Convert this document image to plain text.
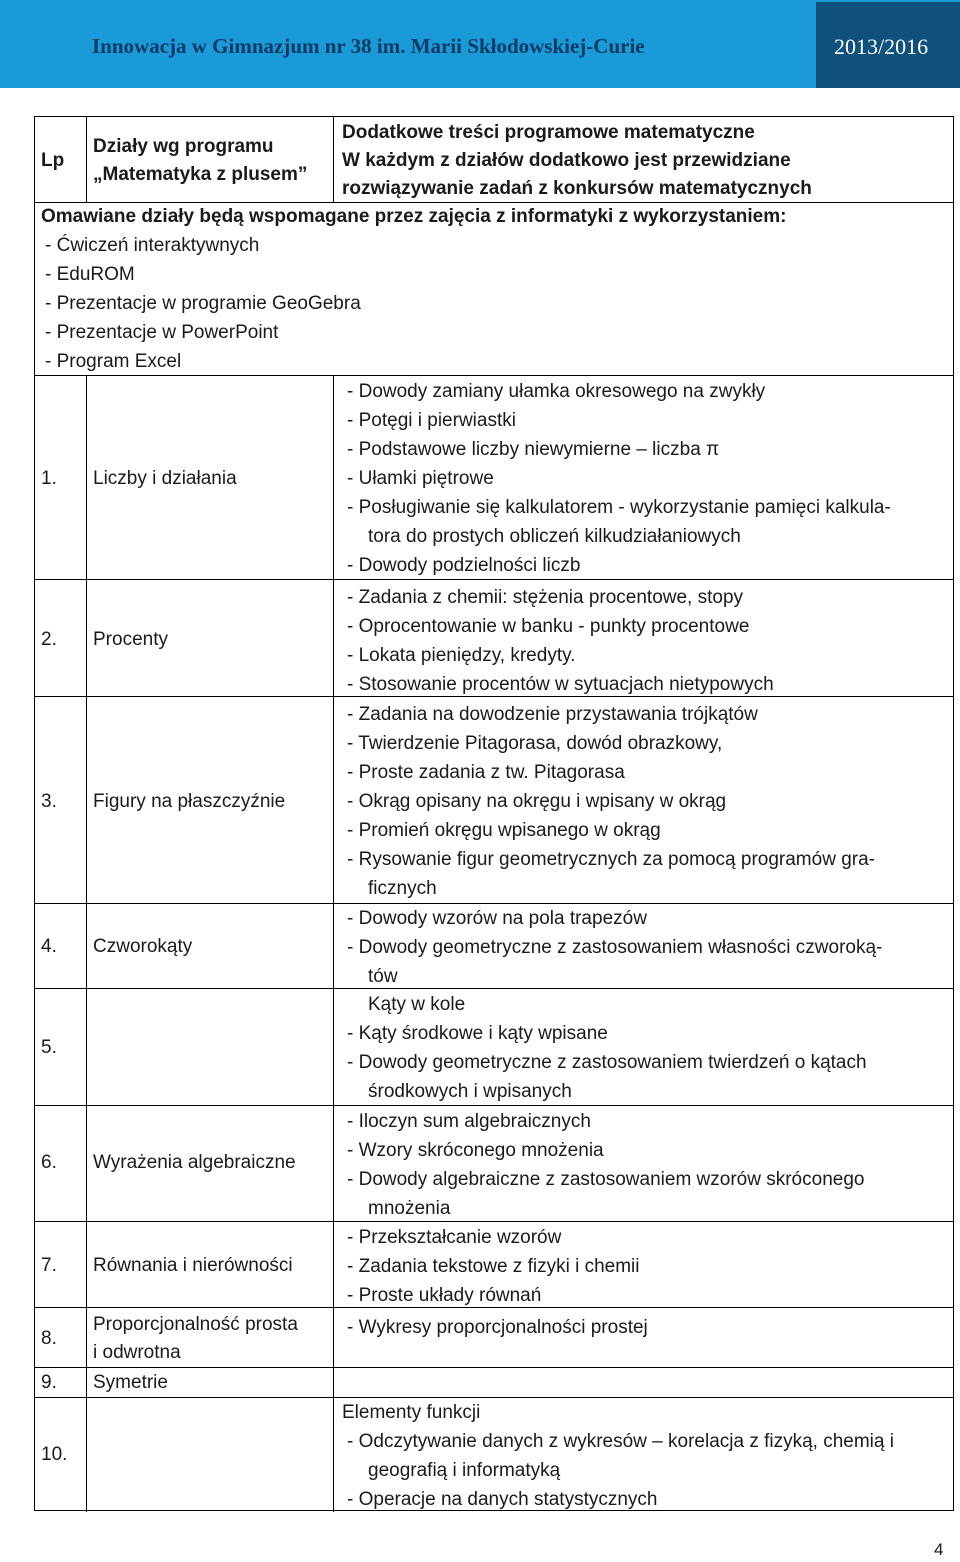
Innowacja w Gimnazjum nr 38 im. Marii Skłodowskiej-Curie	2013/2016
Lp
Działy wg programu
„Matematyka z plusem”
Dodatkowe treści programowe matematyczne
W każdym z działów dodatkowo jest przewidziane
rozwiązywanie zadań z konkursów matematycznych
Omawiane działy będą wspomagane przez zajęcia z informatyki z wykorzystaniem:
- Ćwiczeń interaktywnych
- EduROM
- Prezentacje w programie GeoGebra
- Prezentacje w PowerPoint
- Program Excel
1. Liczby i działania
- Dowody zamiany ułamka okresowego na zwykły
- Potęgi i pierwiastki
- Podstawowe liczby niewymierne – liczba π
- Ułamki piętrowe
- Posługiwanie się kalkulatorem - wykorzystanie pamięci kalkula-
tora do prostych obliczeń kilkudziałaniowych
- Dowody podzielności liczb
2. Procenty
- Zadania z chemii: stężenia procentowe, stopy
- Oprocentowanie w banku - punkty procentowe
- Lokata pieniędzy, kredyty.
- Stosowanie procentów w sytuacjach nietypowych
3. Figury na płaszczyźnie
- Zadania na dowodzenie przystawania trójkątów
- Twierdzenie Pitagorasa, dowód obrazkowy,
- Proste zadania z tw. Pitagorasa
- Okrąg opisany na okręgu i wpisany w okrąg
- Promień okręgu wpisanego w okrąg
- Rysowanie figur geometrycznych za pomocą programów gra-
ficznych
4. Czworokąty
- Dowody wzorów na pola trapezów
- Dowody geometryczne z zastosowaniem własności czworoką-
tów
5.
Kąty w kole
- Kąty środkowe i kąty wpisane
- Dowody geometryczne z zastosowaniem twierdzeń o kątach
środkowych i wpisanych
6. Wyrażenia algebraiczne
- Iloczyn sum algebraicznych
- Wzory skróconego mnożenia
- Dowody algebraiczne z zastosowaniem wzorów skróconego
mnożenia
7. Równania i nierówności
- Przekształcanie wzorów
- Zadania tekstowe z fizyki i chemii
- Proste układy równań
8.
Proporcjonalność prosta
i odwrotna
- Wykresy proporcjonalności prostej
9. Symetrie
10.
Elementy funkcji
- Odczytywanie danych z wykresów – korelacja z fizyką, chemią i
geografią i informatyką
- Operacje na danych statystycznych
4
